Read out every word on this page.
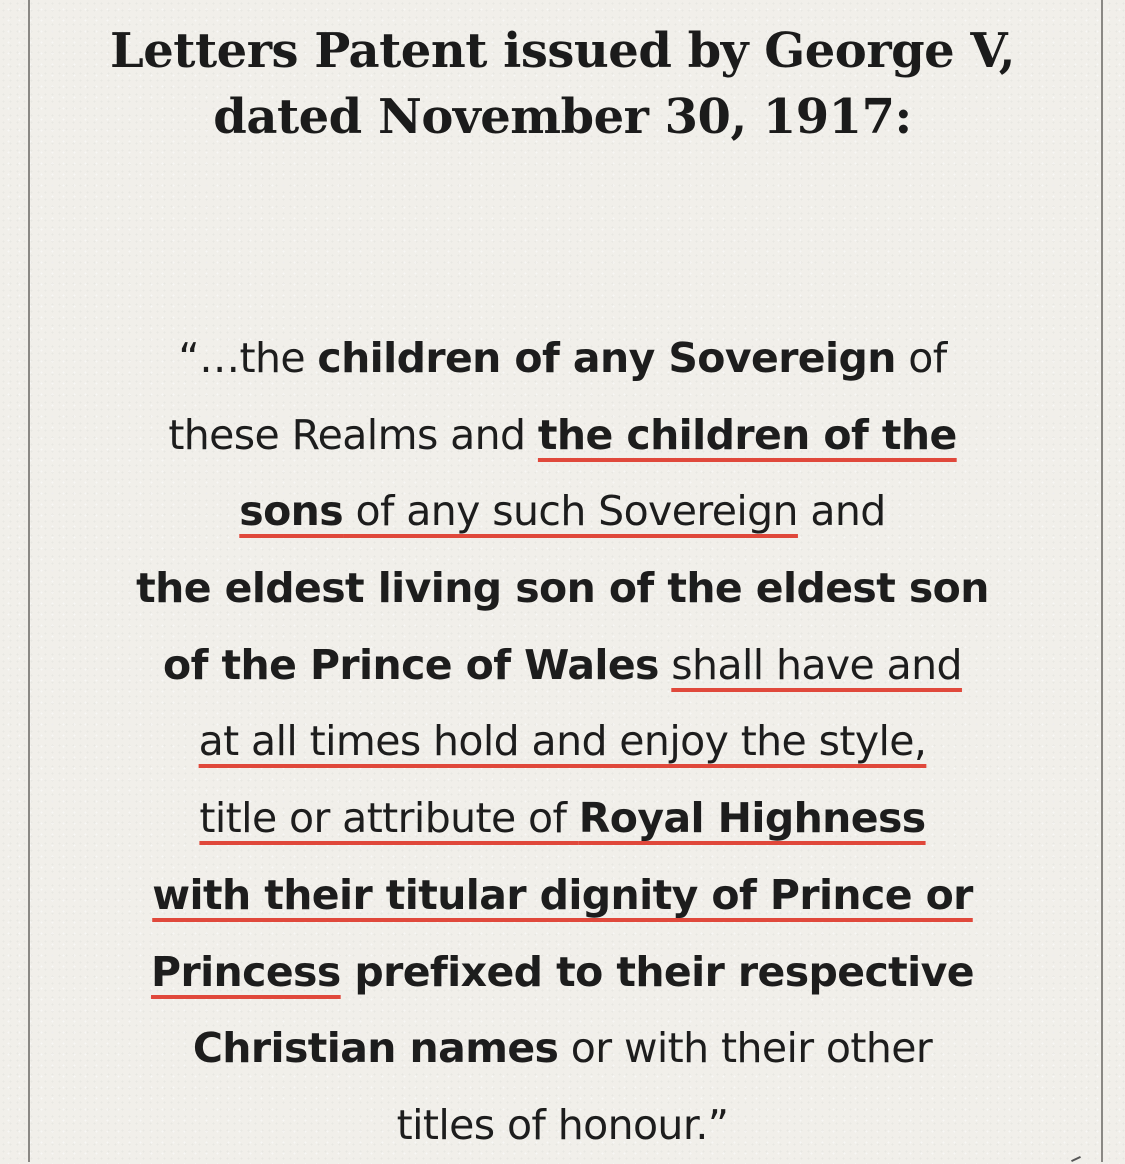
Letters Patent issued by George V,
dated November 30, 1917:
“…the children of any Sovereign of
these Realms and the children of the
sons of any such Sovereign and
the eldest living son of the eldest son
of the Prince of Wales shall have and
at all times hold and enjoy the style,
title or attribute of Royal Highness
with their titular dignity of Prince or
Princess prefixed to their respective
Christian names or with their other
titles of honour.”
